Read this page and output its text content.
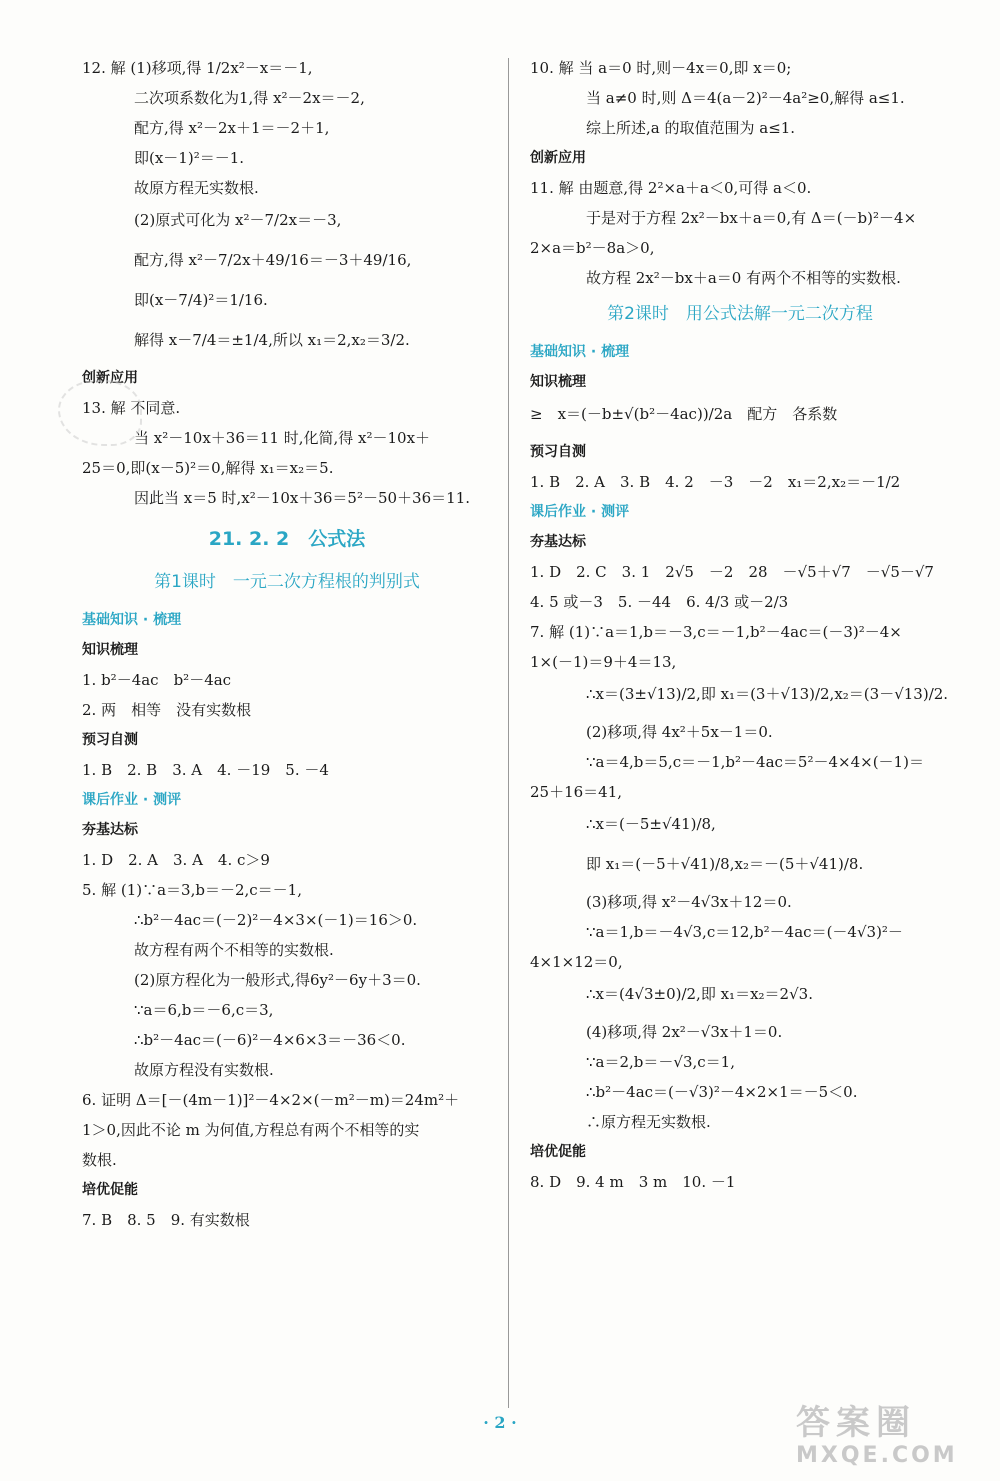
12. 解 (1)移项,得 1/2x²－x＝－1,
二次项系数化为1,得 x²－2x＝－2,
配方,得 x²－2x＋1＝－2＋1,
即(x－1)²＝－1.
故原方程无实数根.
(2)原式可化为 x²－7/2x＝－3,
配方,得 x²－7/2x＋49/16＝－3＋49/16,
即(x－7/4)²＝1/16.
解得 x－7/4＝±1/4,所以 x₁＝2,x₂＝3/2.
创新应用
13. 解 不同意.
当 x²－10x＋36＝11 时,化简,得 x²－10x＋
25＝0,即(x－5)²＝0,解得 x₁＝x₂＝5.
因此当 x＝5 时,x²－10x＋36＝5²－50＋36＝11.
21. 2. 2　公式法
第1课时　一元二次方程根的判别式
基础知识 · 梳理
知识梳理
1. b²－4ac　b²－4ac
2. 两　相等　没有实数根
预习自测
1. B　2. B　3. A　4. －19　5. －4
课后作业 · 测评
夯基达标
1. D　2. A　3. A　4. c＞9
5. 解 (1)∵a＝3,b＝－2,c＝－1,
∴b²－4ac＝(－2)²－4×3×(－1)＝16＞0.
故方程有两个不相等的实数根.
(2)原方程化为一般形式,得6y²－6y＋3＝0.
∵a＝6,b＝－6,c＝3,
∴b²－4ac＝(－6)²－4×6×3＝－36＜0.
故原方程没有实数根.
6. 证明 Δ＝[－(4m－1)]²－4×2×(－m²－m)＝24m²＋
1＞0,因此不论 m 为何值,方程总有两个不相等的实
数根.
培优促能
7. B　8. 5　9. 有实数根
10. 解 当 a＝0 时,则－4x＝0,即 x＝0;
当 a≠0 时,则 Δ＝4(a－2)²－4a²≥0,解得 a≤1.
综上所述,a 的取值范围为 a≤1.
创新应用
11. 解 由题意,得 2²×a＋a＜0,可得 a＜0.
于是对于方程 2x²－bx＋a＝0,有 Δ＝(－b)²－4×
2×a＝b²－8a＞0,
故方程 2x²－bx＋a＝0 有两个不相等的实数根.
第2课时　用公式法解一元二次方程
基础知识 · 梳理
知识梳理
≥　x＝(－b±√(b²－4ac))/2a　配方　各系数
预习自测
1. B　2. A　3. B　4. 2　－3　－2　x₁＝2,x₂＝－1/2
课后作业 · 测评
夯基达标
1. D　2. C　3. 1　2√5　－2　28　－√5＋√7　－√5－√7
4. 5 或－3　5. －44　6. 4/3 或－2/3
7. 解 (1)∵a＝1,b＝－3,c＝－1,b²－4ac＝(－3)²－4×
1×(－1)＝9＋4＝13,
∴x＝(3±√13)/2,即 x₁＝(3＋√13)/2,x₂＝(3－√13)/2.
(2)移项,得 4x²＋5x－1＝0.
∵a＝4,b＝5,c＝－1,b²－4ac＝5²－4×4×(－1)＝
25＋16＝41,
∴x＝(－5±√41)/8,
即 x₁＝(－5＋√41)/8,x₂＝－(5＋√41)/8.
(3)移项,得 x²－4√3x＋12＝0.
∵a＝1,b＝－4√3,c＝12,b²－4ac＝(－4√3)²－
4×1×12＝0,
∴x＝(4√3±0)/2,即 x₁＝x₂＝2√3.
(4)移项,得 2x²－√3x＋1＝0.
∵a＝2,b＝－√3,c＝1,
∴b²－4ac＝(－√3)²－4×2×1＝－5＜0.
∴原方程无实数根.
培优促能
8. D　9. 4 m　3 m　10. －1
· 2 ·	答案圈
MXQE.COM
